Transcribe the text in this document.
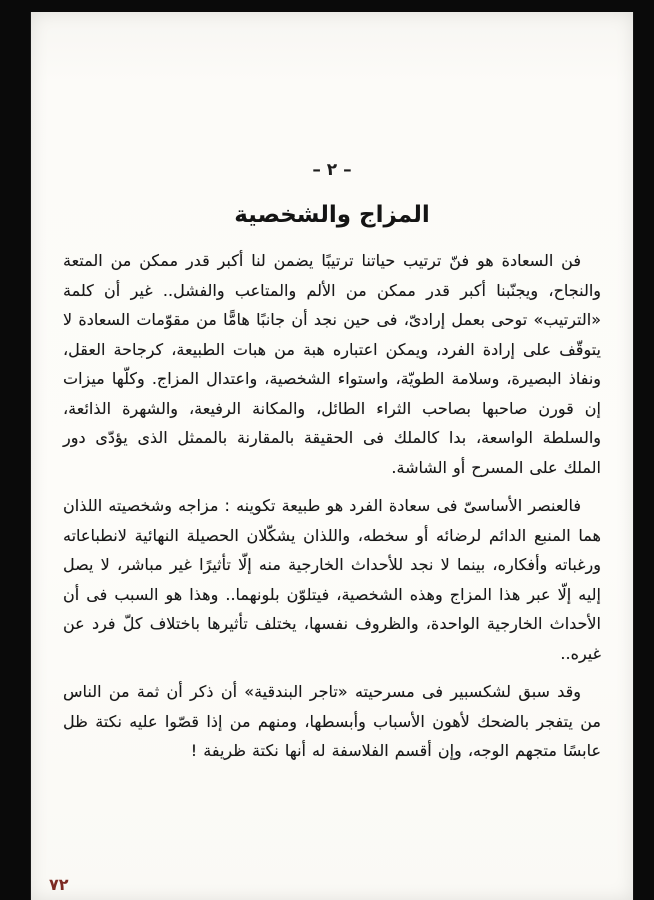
– ٢ –
المزاج والشخصية

فن السعادة هو فنّ ترتيب حياتنا ترتيبًا يضمن لنا أكبر قدر ممكن من المتعة والنجاح، ويجنّبنا أكبر قدر ممكن من الألم والمتاعب والفشل.. غير أن كلمة «الترتيب» توحى بعمل إرادىّ، فى حين نجد أن جانبًا هامًّا من مقوّمات السعادة لا يتوقّف على إرادة الفرد، ويمكن اعتباره هبة من هبات الطبيعة، كرجاحة العقل، ونفاذ البصيرة، وسلامة الطويّة، واستواء الشخصية، واعتدال المزاج. وكلّها ميزات إن قورن صاحبها بصاحب الثراء الطائل، والمكانة الرفيعة، والشهرة الذائعة، والسلطة الواسعة، بدا كالملك فى الحقيقة بالمقارنة بالممثل الذى يؤدّى دور الملك على المسرح أو الشاشة.

فالعنصر الأساسىّ فى سعادة الفرد هو طبيعة تكوينه : مزاجه وشخصيته اللذان هما المنبع الدائم لرضائه أو سخطه، واللذان يشكّلان الحصيلة النهائية لانطباعاته ورغباته وأفكاره، بينما لا نجد للأحداث الخارجية منه إلّا تأثيرًا غير مباشر، لا يصل إليه إلّا عبر هذا المزاج وهذه الشخصية، فيتلوّن بلونهما.. وهذا هو السبب فى أن الأحداث الخارجية الواحدة، والظروف نفسها، يختلف تأثيرها باختلاف كلّ فرد عن غيره..

وقد سبق لشكسبير فى مسرحيته «تاجر البندقية» أن ذكر أن ثمة من الناس من يتفجر بالضحك لأهون الأسباب وأبسطها، ومنهم من إذا قصّوا عليه نكتة ظل عابسًا متجهم الوجه، وإن أقسم الفلاسفة له أنها نكتة ظريفة !

٧٢
